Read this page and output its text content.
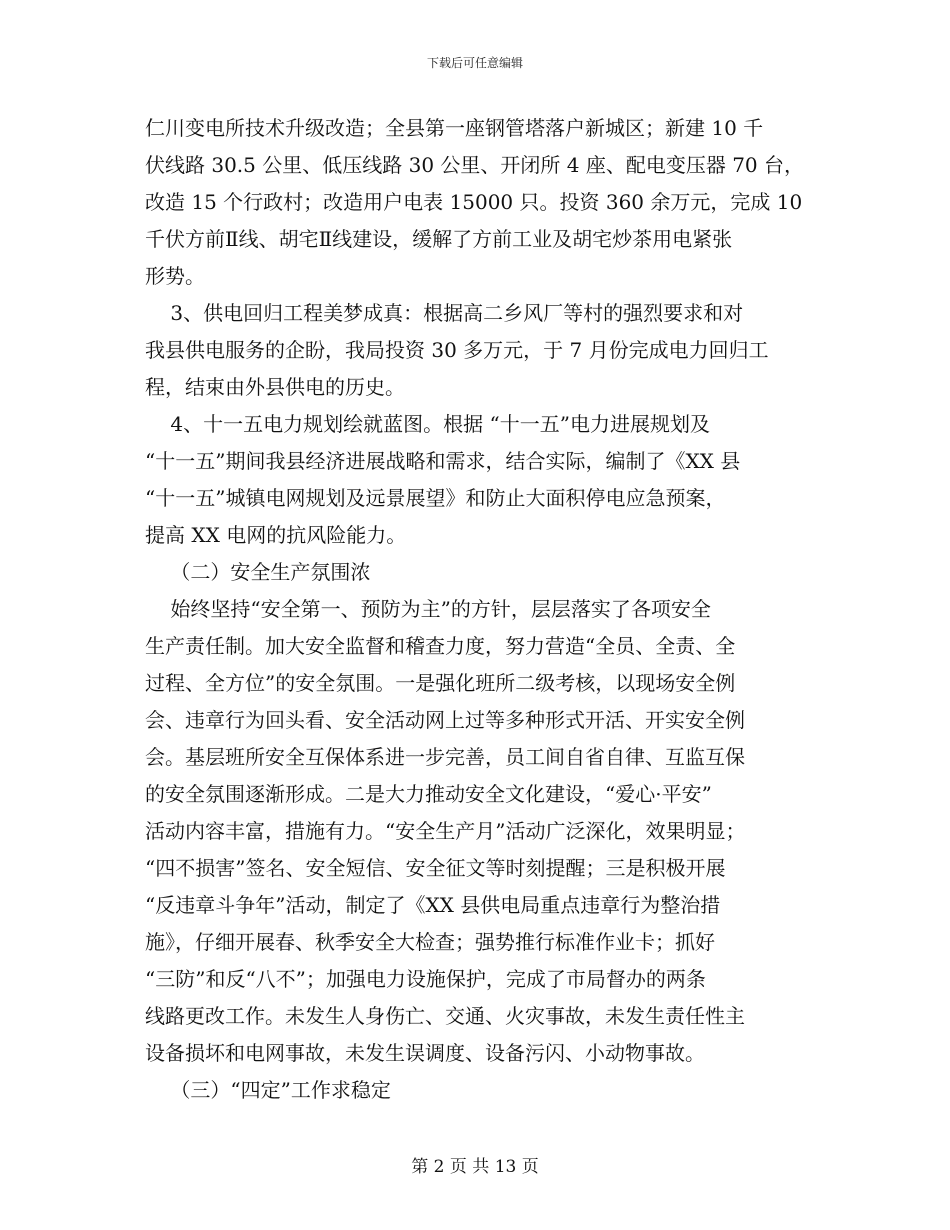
下载后可任意编辑

仁川变电所技术升级改造；全县第一座钢管塔落户新城区；新建 10 千

伏线路 30.5 公里、低压线路 30 公里、开闭所 4 座、配电变压器 70 台，

改造 15 个行政村；改造用户电表 15000 只。投资 360 余万元，完成 10

千伏方前Ⅱ线、胡宅Ⅱ线建设，缓解了方前工业及胡宅炒茶用电紧张

形势。

3、供电回归工程美梦成真：根据高二乡风厂等村的强烈要求和对

我县供电服务的企盼，我局投资 30 多万元，于 7 月份完成电力回归工

程，结束由外县供电的历史。

4、十一五电力规划绘就蓝图。根据 “十一五”电力进展规划及

“十一五”期间我县经济进展战略和需求，结合实际，编制了《XX 县

“十一五”城镇电网规划及远景展望》和防止大面积停电应急预案，

提高 XX 电网的抗风险能力。

（二）安全生产氛围浓

始终坚持“安全第一、预防为主”的方针，层层落实了各项安全

生产责任制。加大安全监督和稽查力度，努力营造“全员、全责、全

过程、全方位”的安全氛围。一是强化班所二级考核，以现场安全例

会、违章行为回头看、安全活动网上过等多种形式开活、开实安全例

会。基层班所安全互保体系进一步完善，员工间自省自律、互监互保

的安全氛围逐渐形成。二是大力推动安全文化建设，“爱心·平安”

活动内容丰富，措施有力。“安全生产月”活动广泛深化，效果明显；

“四不损害”签名、安全短信、安全征文等时刻提醒；三是积极开展

“反违章斗争年”活动，制定了《XX 县供电局重点违章行为整治措

施》，仔细开展春、秋季安全大检查；强势推行标准作业卡；抓好

“三防”和反“八不”；加强电力设施保护，完成了市局督办的两条

线路更改工作。未发生人身伤亡、交通、火灾事故，未发生责任性主

设备损坏和电网事故，未发生误调度、设备污闪、小动物事故。

（三）“四定”工作求稳定

第 2 页 共 13 页
